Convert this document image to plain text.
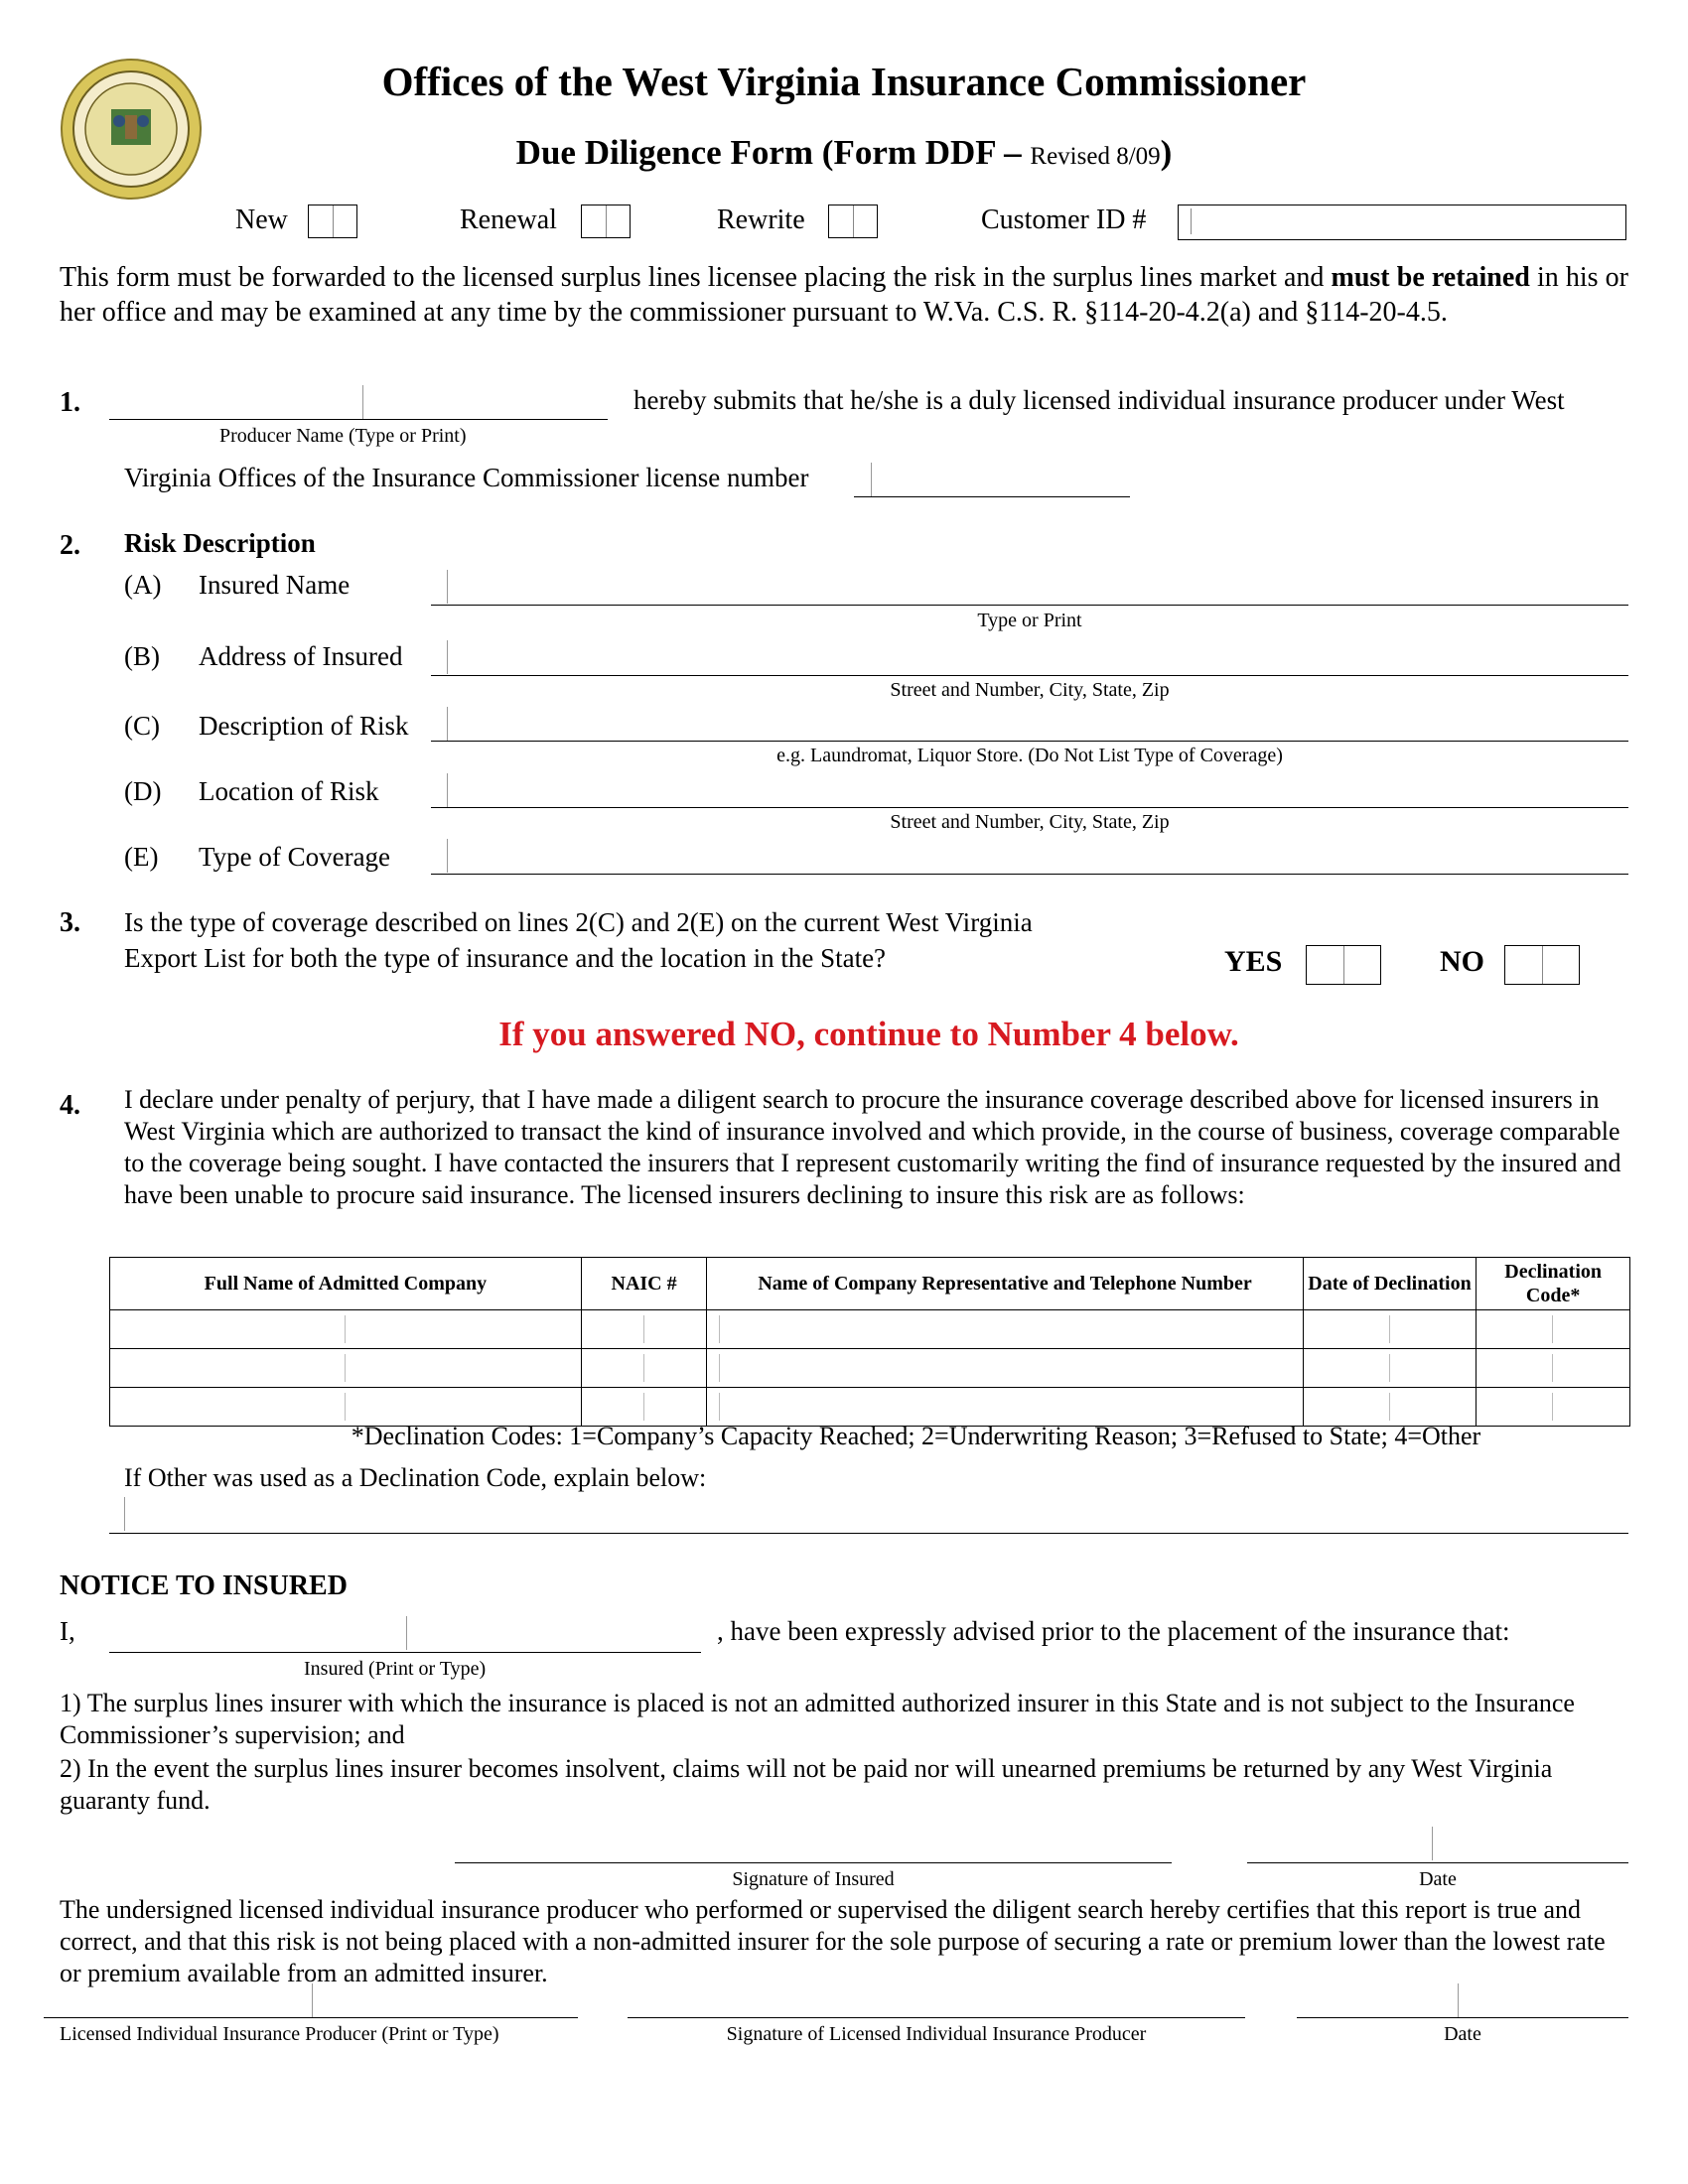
Offices of the West Virginia Insurance Commissioner
Due Diligence Form (Form DDF – Revised 8/09)
New	Renewal	Rewrite	Customer ID #
This form must be forwarded to the licensed surplus lines licensee placing the risk in the surplus lines market and must be retained in his or her office and may be examined at any time by the commissioner pursuant to W.Va. C.S. R. §114-20-4.2(a) and §114-20-4.5.
1.	hereby submits that he/she is a duly licensed individual insurance producer under West
Producer Name (Type or Print)
Virginia Offices of the Insurance Commissioner license number
2. Risk Description
(A) Insured Name
Type or Print
(B) Address of Insured
Street and Number, City, State, Zip
(C) Description of Risk
e.g. Laundromat, Liquor Store. (Do Not List Type of Coverage)
(D) Location of Risk
Street and Number, City, State, Zip
(E) Type of Coverage
3. Is the type of coverage described on lines 2(C) and 2(E) on the current West Virginia
Export List for both the type of insurance and the location in the State?	YES	NO
If you answered NO, continue to Number 4 below.
4. I declare under penalty of perjury, that I have made a diligent search to procure the insurance coverage described above for licensed insurers in West Virginia which are authorized to transact the kind of insurance involved and which provide, in the course of business, coverage comparable to the coverage being sought. I have contacted the insurers that I represent customarily writing the find of insurance requested by the insured and have been unable to procure said insurance. The licensed insurers declining to insure this risk are as follows:
Full Name of Admitted Company	NAIC #	Name of Company Representative and Telephone Number	Date of Declination	Declination Code*

*Declination Codes: 1=Company’s Capacity Reached; 2=Underwriting Reason; 3=Refused to State; 4=Other
If Other was used as a Declination Code, explain below:
NOTICE TO INSURED
I,	, have been expressly advised prior to the placement of the insurance that:
Insured (Print or Type)
1) The surplus lines insurer with which the insurance is placed is not an admitted authorized insurer in this State and is not subject to the Insurance Commissioner’s supervision; and
2) In the event the surplus lines insurer becomes insolvent, claims will not be paid nor will unearned premiums be returned by any West Virginia guaranty fund.
Signature of Insured	Date
The undersigned licensed individual insurance producer who performed or supervised the diligent search hereby certifies that this report is true and correct, and that this risk is not being placed with a non-admitted insurer for the sole purpose of securing a rate or premium lower than the lowest rate or premium available from an admitted insurer.
Licensed Individual Insurance Producer (Print or Type)	Signature of Licensed Individual Insurance Producer	Date
